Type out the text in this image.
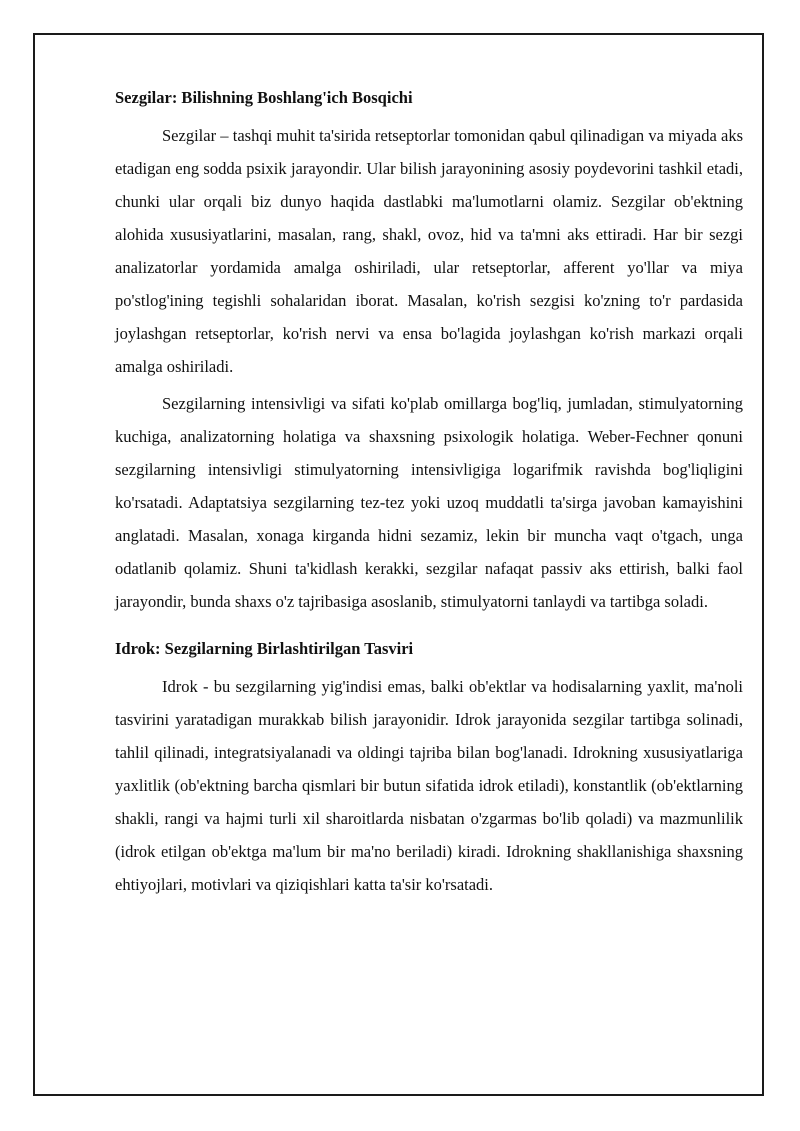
Sezgilar: Bilishning Boshlang'ich Bosqichi

Sezgilar – tashqi muhit ta'sirida retseptorlar tomonidan qabul qilinadigan va miyada aks etadigan eng sodda psixik jarayondir. Ular bilish jarayonining asosiy poydevorini tashkil etadi, chunki ular orqali biz dunyo haqida dastlabki ma'lumotlarni olamiz. Sezgilar ob'ektning alohida xususiyatlarini, masalan, rang, shakl, ovoz, hid va ta'mni aks ettiradi. Har bir sezgi analizatorlar yordamida amalga oshiriladi, ular retseptorlar, afferent yo'llar va miya po'stlog'ining tegishli sohalaridan iborat. Masalan, ko'rish sezgisi ko'zning to'r pardasida joylashgan retseptorlar, ko'rish nervi va ensa bo'lagida joylashgan ko'rish markazi orqali amalga oshiriladi.

Sezgilarning intensivligi va sifati ko'plab omillarga bog'liq, jumladan, stimulyatorning kuchiga, analizatorning holatiga va shaxsning psixologik holatiga. Weber-Fechner qonuni sezgilarning intensivligi stimulyatorning intensivligiga logarifmik ravishda bog'liqligini ko'rsatadi. Adaptatsiya sezgilarning tez-tez yoki uzoq muddatli ta'sirga javoban kamayishini anglatadi. Masalan, xonaga kirganda hidni sezamiz, lekin bir muncha vaqt o'tgach, unga odatlanib qolamiz. Shuni ta'kidlash kerakki, sezgilar nafaqat passiv aks ettirish, balki faol jarayondir, bunda shaxs o'z tajribasiga asoslanib, stimulyatorni tanlaydi va tartibga soladi.

Idrok: Sezgilarning Birlashtirilgan Tasviri

Idrok - bu sezgilarning yig'indisi emas, balki ob'ektlar va hodisalarning yaxlit, ma'noli tasvirini yaratadigan murakkab bilish jarayonidir. Idrok jarayonida sezgilar tartibga solinadi, tahlil qilinadi, integratsiyalanadi va oldingi tajriba bilan bog'lanadi. Idrokning xususiyatlariga yaxlitlik (ob'ektning barcha qismlari bir butun sifatida idrok etiladi), konstantlik (ob'ektlarning shakli, rangi va hajmi turli xil sharoitlarda nisbatan o'zgarmas bo'lib qoladi) va mazmunlilik (idrok etilgan ob'ektga ma'lum bir ma'no beriladi) kiradi. Idrokning shakllanishiga shaxsning ehtiyojlari, motivlari va qiziqishlari katta ta'sir ko'rsatadi.
